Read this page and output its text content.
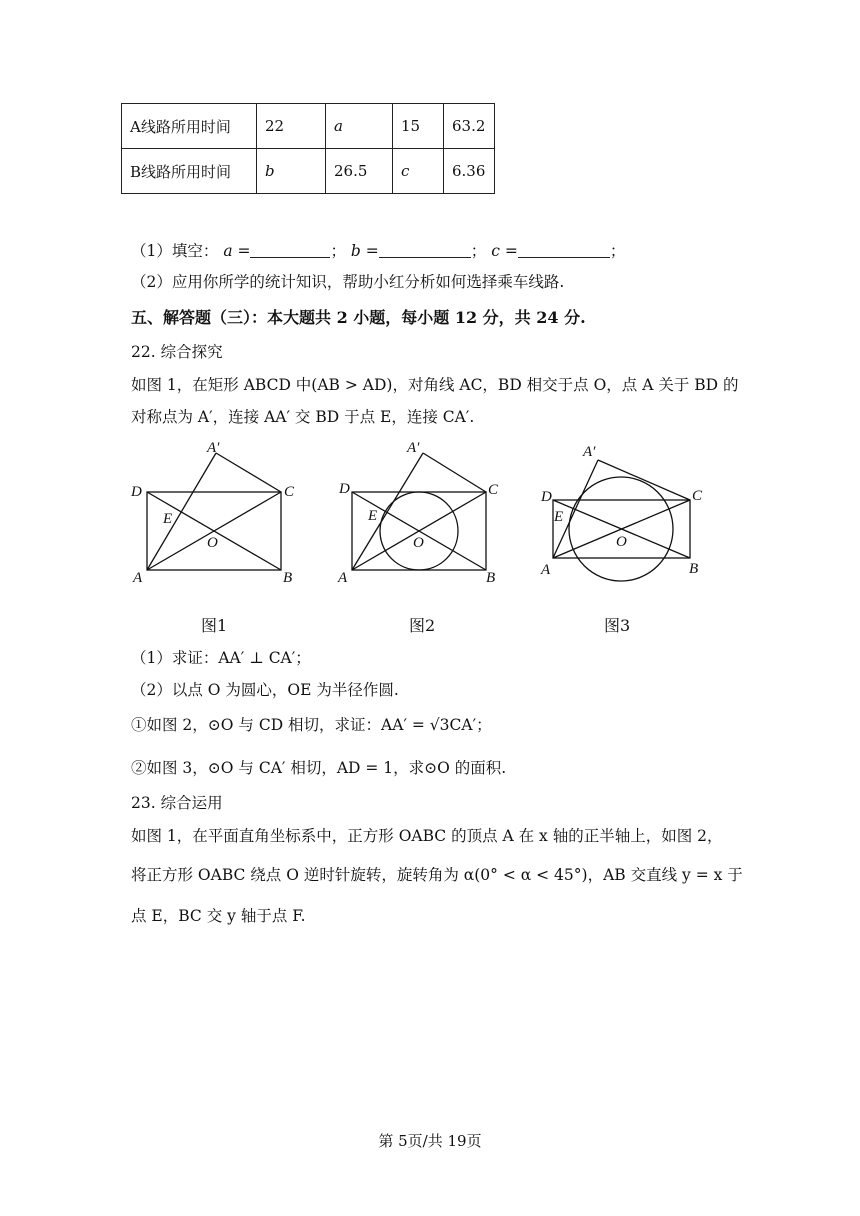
A线路所用时间	22	a	15	63.2
B线路所用时间	b	26.5	c	6.36
（1）填空： a =	； b =	； c =	；
（2）应用你所学的统计知识，帮助小红分析如何选择乘车线路.
五、解答题（三）：本大题共 2 小题，每小题 12 分，共 24 分.
22. 综合探究
如图 1，在矩形 ABCD 中(AB > AD)，对角线 AC，BD 相交于点 O，点 A 关于 BD 的
对称点为 A′，连接 AA′ 交 BD 于点 E，连接 CA′.
A′
D	C
E
O
A	B
A′
D	C
E
O
A	B
A′
D	C
E
O
A	B
图1	图2	图3
（1）求证：AA′ ⊥ CA′；
（2）以点 O 为圆心，OE 为半径作圆.
①如图 2，⊙O 与 CD 相切，求证：AA′ = √3CA′；
②如图 3，⊙O 与 CA′ 相切，AD = 1，求⊙O 的面积.
23. 综合运用
如图 1，在平面直角坐标系中，正方形 OABC 的顶点 A 在 x 轴的正半轴上，如图 2，
将正方形 OABC 绕点 O 逆时针旋转，旋转角为 α(0° < α < 45°)，AB 交直线 y = x 于
点 E，BC 交 y 轴于点 F.
第 5页/共 19页
